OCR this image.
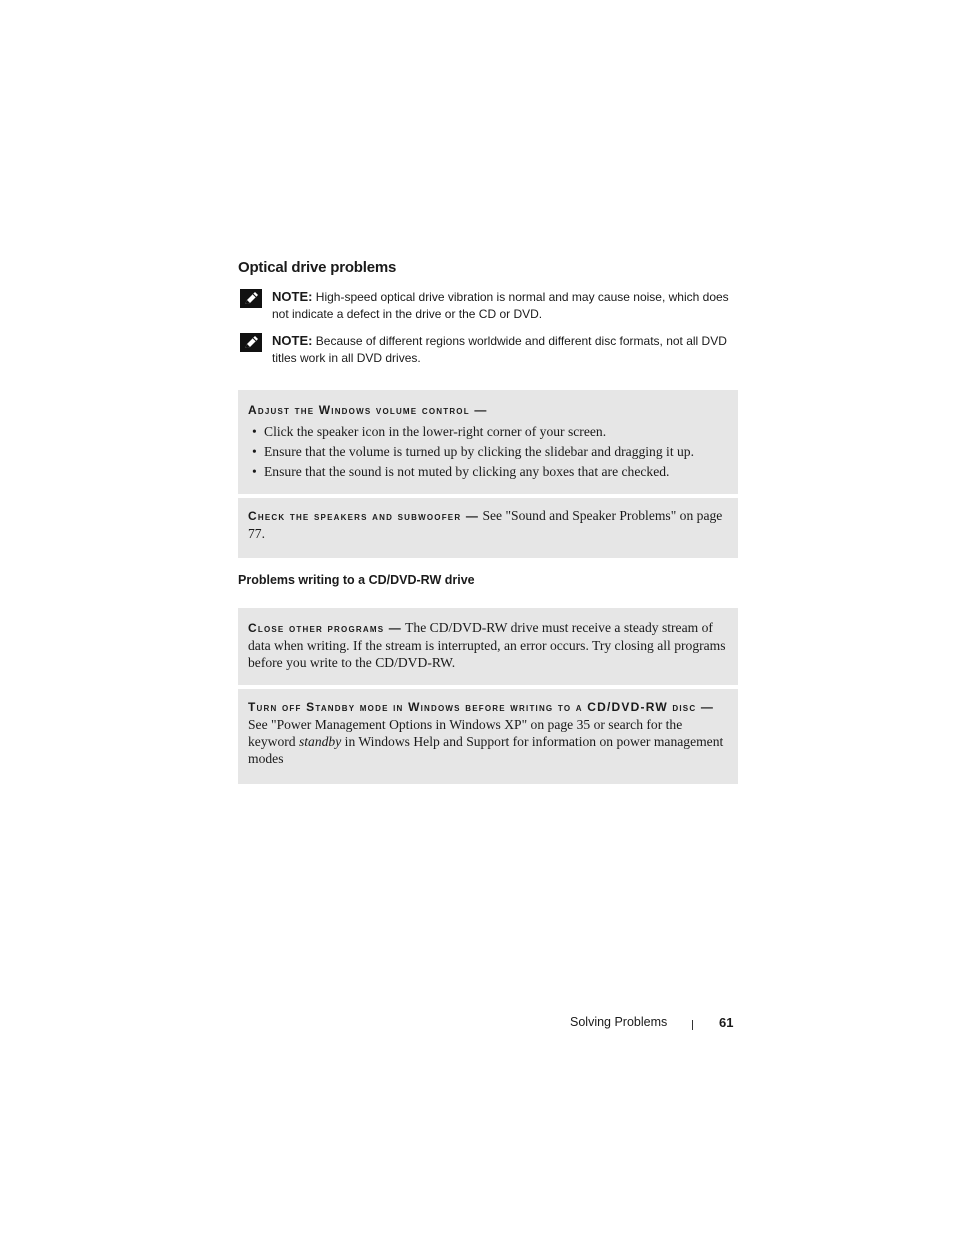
Optical drive problems
NOTE: High-speed optical drive vibration is normal and may cause noise, which does not indicate a defect in the drive or the CD or DVD.
NOTE: Because of different regions worldwide and different disc formats, not all DVD titles work in all DVD drives.
Adjust the Windows volume control —
• Click the speaker icon in the lower-right corner of your screen.
• Ensure that the volume is turned up by clicking the slidebar and dragging it up.
• Ensure that the sound is not muted by clicking any boxes that are checked.
Check the speakers and subwoofer — See "Sound and Speaker Problems" on page 77.
Problems writing to a CD/DVD-RW drive
Close other programs — The CD/DVD-RW drive must receive a steady stream of data when writing. If the stream is interrupted, an error occurs. Try closing all programs before you write to the CD/DVD-RW.
Turn off Standby mode in Windows before writing to a CD/DVD-RW disc — See "Power Management Options in Windows XP" on page 35 or search for the keyword standby in Windows Help and Support for information on power management modes
Solving Problems	61
